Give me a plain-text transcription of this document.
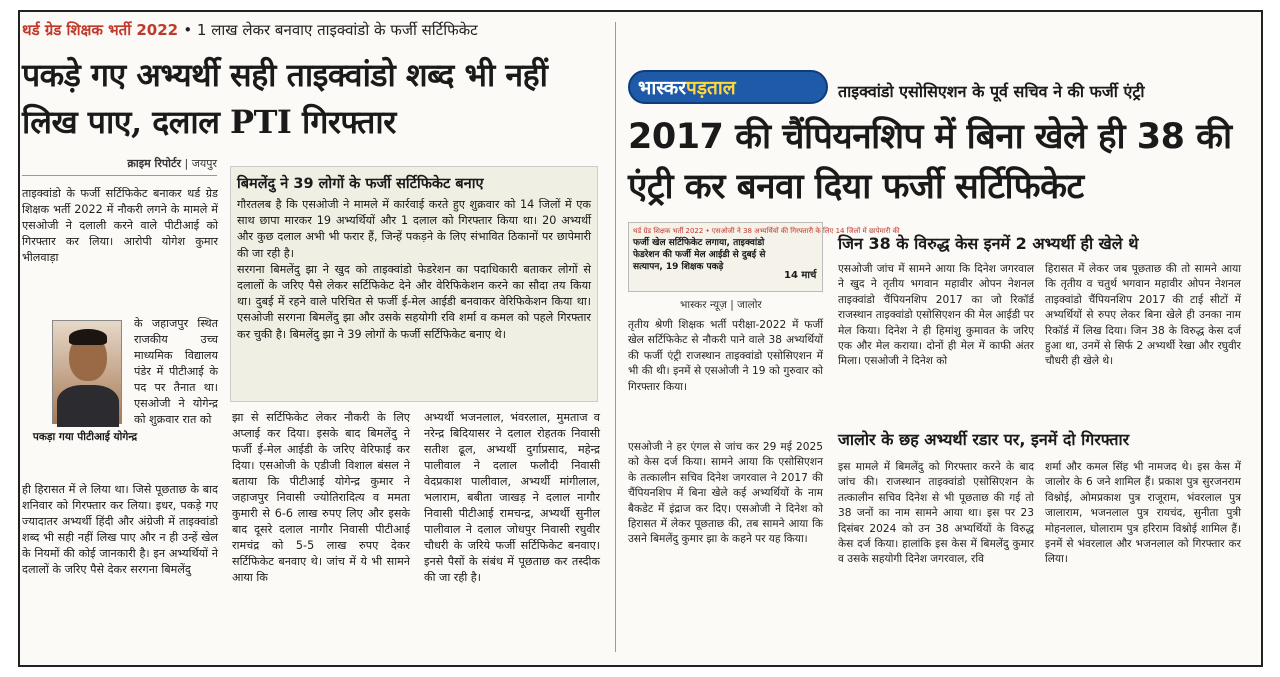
थर्ड ग्रेड शिक्षक भर्ती 2022 • 1 लाख लेकर बनवाए ताइक्वांडो के फर्जी सर्टिफिकेट
पकड़े गए अभ्यर्थी सही ताइक्वांडो शब्द भी नहीं लिख पाए, दलाल PTI गिरफ्तार
क्राइम रिपोर्टर | जयपुर

ताइक्वांडो के फर्जी सर्टिफिकेट बनाकर थर्ड ग्रेड शिक्षक भर्ती 2022 में नौकरी लगने के मामले में एसओजी ने दलाली करने वाले पीटीआई को गिरफ्तार कर लिया। आरोपी योगेश कुमार भीलवाड़ा

के जहाजपुर स्थित राजकीय उच्च माध्यमिक विद्यालय पंडेर में पीटीआई के पद पर तैनात था। एसओजी ने योगेन्द्र को शुक्रवार रात को

पकड़ा गया पीटीआई योगेन्द्र

ही हिरासत में ले लिया था। जिसे पूछताछ के बाद शनिवार को गिरफ्तार कर लिया। इधर, पकड़े गए ज्यादातर अभ्यर्थी हिंदी और अंग्रेजी में ताइक्वांडो शब्द भी सही नहीं लिख पाए और न ही उन्हें खेल के नियमों की कोई जानकारी है। इन अभ्यर्थियों ने दलालों के जरिए पैसे देकर सरगना बिमलेंदु

बिमलेंदु ने 39 लोगों के फर्जी सर्टिफिकेट बनाए

गौरतलब है कि एसओजी ने मामले में कार्रवाई करते हुए शुक्रवार को 14 जिलों में एक साथ छापा मारकर 19 अभ्यर्थियों और 1 दलाल को गिरफ्तार किया था। 20 अभ्यर्थी और कुछ दलाल अभी भी फरार हैं, जिन्हें पकड़ने के लिए संभावित ठिकानों पर छापेमारी की जा रही है।

सरगना बिमलेंदु झा ने खुद को ताइक्वांडो फेडरेशन का पदाधिकारी बताकर लोगों से दलालों के जरिए पैसे लेकर सर्टिफिकेट देने और वेरिफिकेशन करने का सौदा तय किया था। दुबई में रहने वाले परिचित से फर्जी ई-मेल आईडी बनवाकर वेरिफिकेशन किया था। एसओजी सरगना बिमलेंदु झा और उसके सहयोगी रवि शर्मा व कमल को पहले गिरफ्तार कर चुकी है। बिमलेंदु झा ने 39 लोगों के फर्जी सर्टिफिकेट बनाए थे।

झा से सर्टिफिकेट लेकर नौकरी के लिए अप्लाई कर दिया। इसके बाद बिमलेंदु ने फर्जी ई-मेल आईडी के जरिए वेरिफाई कर दिया। एसओजी के एडीजी विशाल बंसल ने बताया कि पीटीआई योगेन्द्र कुमार ने जहाजपुर निवासी ज्योतिरादित्य व ममता कुमारी से 6-6 लाख रुपए लिए और इसके बाद दूसरे दलाल नागौर निवासी पीटीआई रामचंद्र को 5-5 लाख रुपए देकर सर्टिफिकेट बनवाए थे। जांच में ये भी सामने आया कि

अभ्यर्थी भजनलाल, भंवरलाल, मुमताज व नरेन्द्र बिदियासर ने दलाल रोहतक निवासी सतीश ढूल, अभ्यर्थी दुर्गाप्रसाद, महेन्द्र पालीवाल ने दलाल फलौदी निवासी वेदप्रकाश पालीवाल, अभ्यर्थी मांगीलाल, भलाराम, बबीता जाखड़ ने दलाल नागौर निवासी पीटीआई रामचन्द्र, अभ्यर्थी सुनील पालीवाल ने दलाल जोधपुर निवासी रघुवीर चौधरी के जरिये फर्जी सर्टिफिकेट बनवाए। इनसे पैसों के संबंध में पूछताछ कर तस्दीक की जा रही है।

भास्करपड़ताल	ताइक्वांडो एसोसिएशन के पूर्व सचिव ने की फर्जी एंट्री
2017 की चैंपियनशिप में बिना खेले ही 38 की एंट्री कर बनवा दिया फर्जी सर्टिफिकेट
थर्ड ग्रेड शिक्षक भर्ती 2022 • एसओजी ने 38 अभ्यर्थियों की गिरफ्तारी के लिए 14 जिलों में छापेमारी की
फर्जी खेल सर्टिफिकेट लगाया, ताइक्वांडो फेडरेशन की फर्जी मेल आईडी से दुबई से सत्यापन, 19 शिक्षक पकड़े
14 मार्च
भास्कर न्यूज़ | जालोर

तृतीय श्रेणी शिक्षक भर्ती परीक्षा-2022 में फर्जी खेल सर्टिफिकेट से नौकरी पाने वाले 38 अभ्यर्थियों की फर्जी एंट्री राजस्थान ताइक्वांडो एसोसिएशन में भी की थी। इनमें से एसओजी ने 19 को गुरुवार को गिरफ्तार किया।

एसओजी ने हर एंगल से जांच कर 29 मई 2025 को केस दर्ज किया। सामने आया कि एसोसिएशन के तत्कालीन सचिव दिनेश जगरवाल ने 2017 की चैंपियनशिप में बिना खेले कई अभ्यर्थियों के नाम बैकडेट में इंद्राज कर दिए। एसओजी ने दिनेश को हिरासत में लेकर पूछताछ की, तब सामने आया कि उसने बिमलेंदु कुमार झा के कहने पर यह किया।

जिन 38 के विरुद्ध केस इनमें 2 अभ्यर्थी ही खेले थे

एसओजी जांच में सामने आया कि दिनेश जगरवाल ने खुद ने तृतीय भगवान महावीर ओपन नेशनल ताइक्वांडो चैंपियनशिप 2017 का जो रिकॉर्ड राजस्थान ताइक्वांडो एसोसिएशन की मेल आईडी पर मेल किया। दिनेश ने ही हिमांशु कुमावत के जरिए एक और मेल कराया। दोनों ही मेल में काफी अंतर मिला। एसओजी ने दिनेश को

हिरासत में लेकर जब पूछताछ की तो सामने आया कि तृतीय व चतुर्थ भगवान महावीर ओपन नेशनल ताइक्वांडो चैंपियनशिप 2017 की टाई सीटों में अभ्यर्थियों से रुपए लेकर बिना खेले ही उनका नाम रिकॉर्ड में लिख दिया। जिन 38 के विरुद्ध केस दर्ज हुआ था, उनमें से सिर्फ 2 अभ्यर्थी रेखा और रघुवीर चौधरी ही खेले थे।

जालोर के छह अभ्यर्थी रडार पर, इनमें दो गिरफ्तार

इस मामले में बिमलेंदु को गिरफ्तार करने के बाद जांच की। राजस्थान ताइक्वांडो एसोसिएशन के तत्कालीन सचिव दिनेश से भी पूछताछ की गई तो 38 जनों का नाम सामने आया था। इस पर 23 दिसंबर 2024 को उन 38 अभ्यर्थियों के विरुद्ध केस दर्ज किया। हालांकि इस केस में बिमलेंदु कुमार व उसके सहयोगी दिनेश जगरवाल, रवि

शर्मा और कमल सिंह भी नामजद थे। इस केस में जालोर के 6 जने शामिल हैं। प्रकाश पुत्र सुरजनराम विश्नोई, ओमप्रकाश पुत्र राजूराम, भंवरलाल पुत्र जालाराम, भजनलाल पुत्र रायचंद, सुनीता पुत्री मोहनलाल, घोलाराम पुत्र हरिराम विश्नोई शामिल हैं। इनमें से भंवरलाल और भजनलाल को गिरफ्तार कर लिया।
